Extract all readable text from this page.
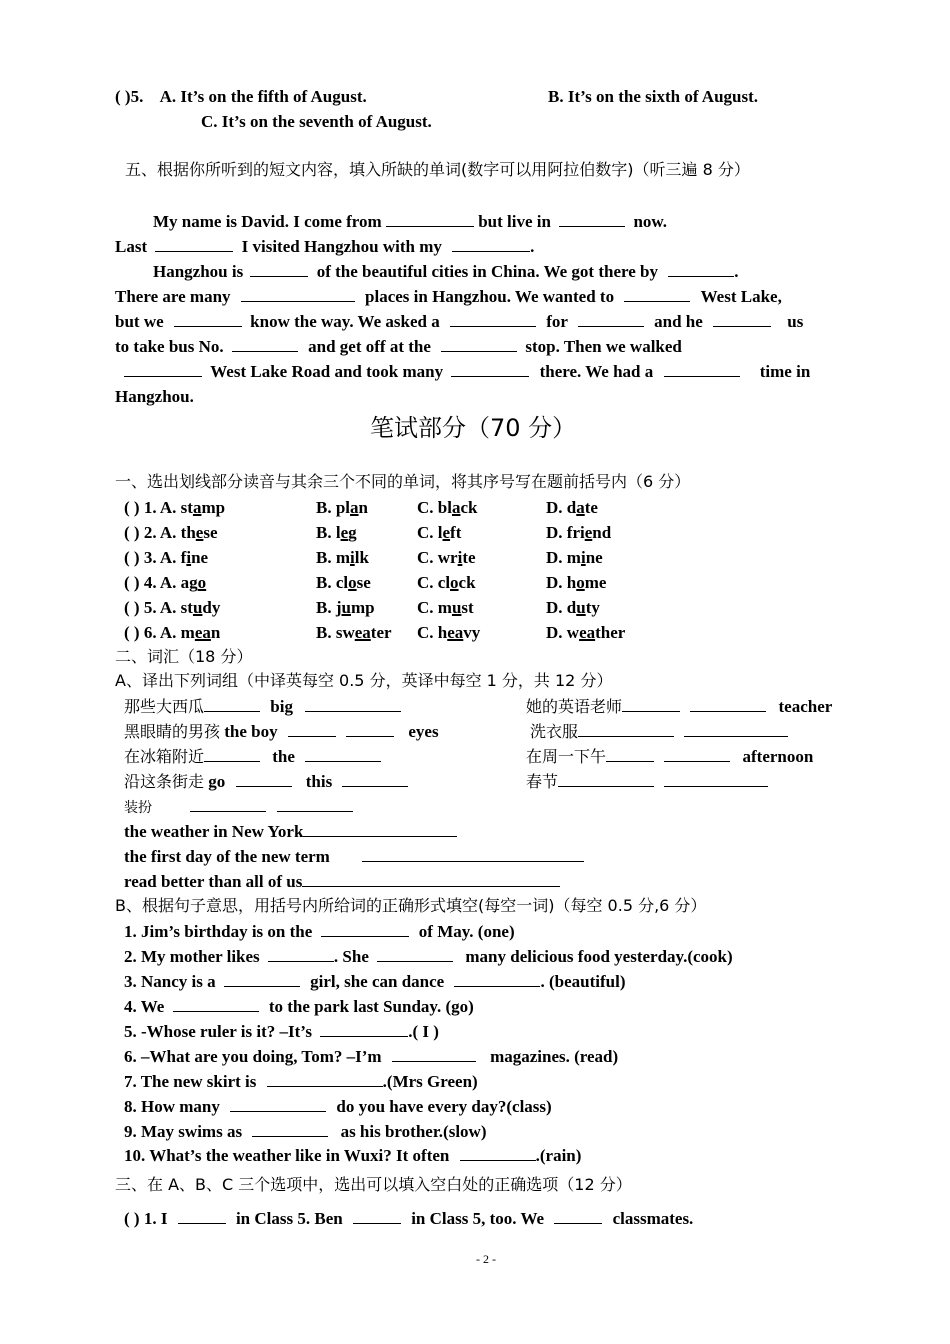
( )5. A. It’s on the fifth of August.	B. It’s on the sixth of August.
C. It’s on the seventh of August.
五、根据你所听到的短文内容，填入所缺的单词(数字可以用阿拉伯数字)（听三遍 8 分）
My name is David. I come from	but live in	now.
Last	I visited Hangzhou with my	.
Hangzhou is	of the beautiful cities in China. We got there by	.
There are many	places in Hangzhou. We wanted to	West Lake,
but we	know the way. We asked a	for	and he	us
to take bus No.	and get off at the	stop. Then we walked
West Lake Road and took many	there. We had a	time in
Hangzhou.
笔试部分（70 分）
一、选出划线部分读音与其余三个不同的单词，将其序号写在题前括号内（6 分）
( ) 1. A. stamp	B. plan	C. black	D. date
( ) 2. A. these	B. leg	C. left	D. friend
( ) 3. A. fine	B. milk	C. write	D. mine
( ) 4. A. ago	B. close	C. clock	D. home
( ) 5. A. study	B. jump C. must	D. duty
( ) 6. A. mean	B. sweater C. heavy	D. weather
二、词汇（18 分）
A、译出下列词组（中译英每空 0.5 分，英译中每空 1 分，共 12 分）
那些大西瓜	big	她的英语老师	teacher
黑眼睛的男孩 the boy	eyes	洗衣服
在冰箱附近	the	在周一下午	afternoon
沿这条街走 go	this	春节
装扮
the weather in New York
the first day of the new term
read better than all of us
B、根据句子意思，用括号内所给词的正确形式填空(每空一词)（每空 0.5 分,6 分）
1. Jim’s birthday is on the	of May. (one)
2. My mother likes	. She	many delicious food yesterday.(cook)
3. Nancy is a	girl, she can dance	. (beautiful)
4. We	to the park last Sunday. (go)
5. -Whose ruler is it? –It’s	.( I )
6. –What are you doing, Tom? –I’m	magazines. (read)
7. The new skirt is	.(Mrs Green)
8. How many	do you have every day?(class)
9. May swims as	as his brother.(slow)
10. What’s the weather like in Wuxi? It often	.(rain)
三、在 A、B、C 三个选项中，选出可以填入空白处的正确选项（12 分）
( ) 1. I	in Class 5. Ben	in Class 5, too. We	classmates.
- 2 -
